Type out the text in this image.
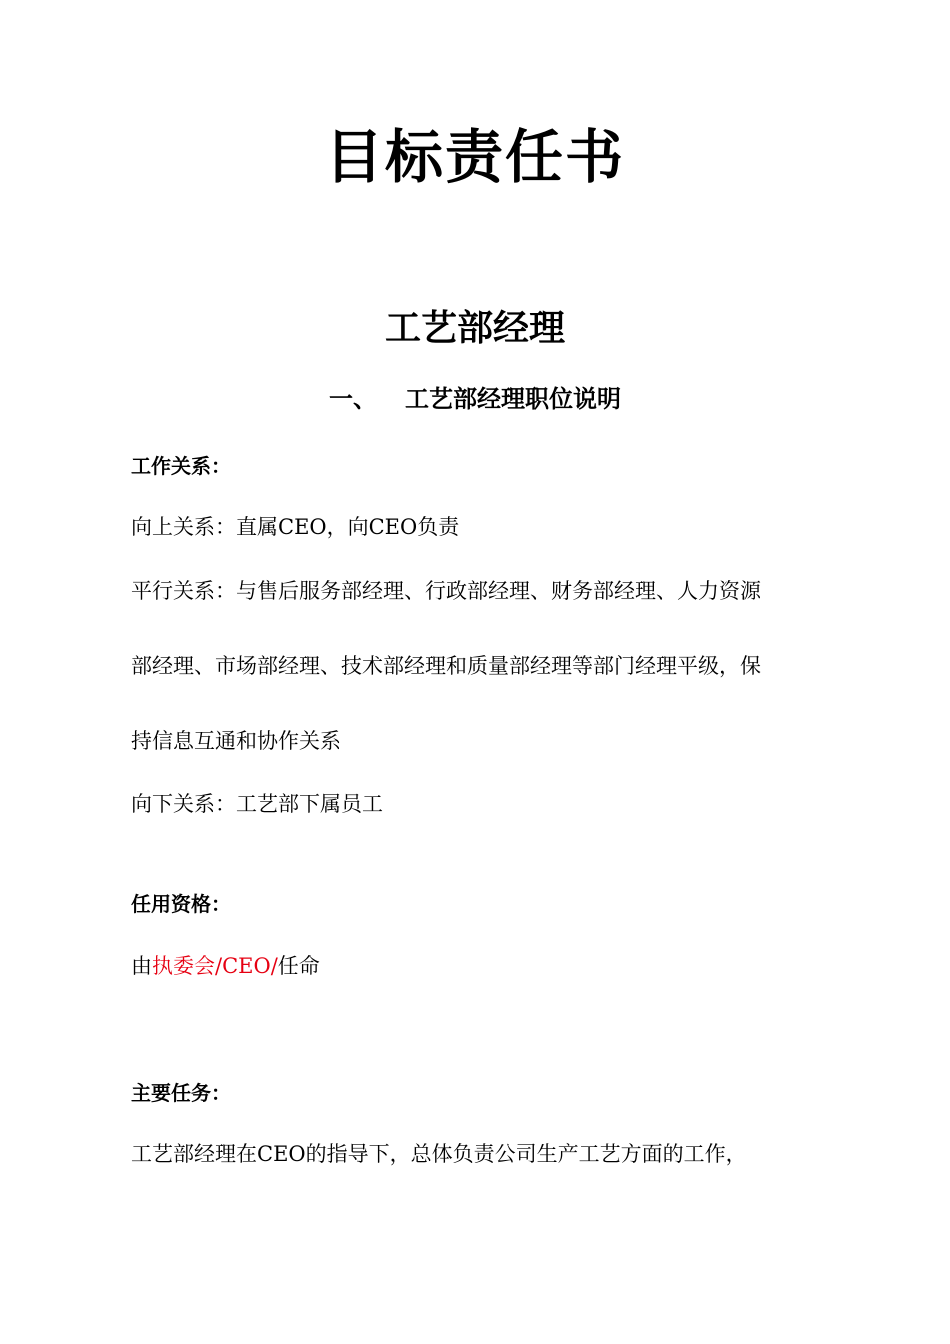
目标责任书
工艺部经理
一、 工艺部经理职位说明
工作关系：
向上关系：直属CEO，向CEO负责
平行关系：与售后服务部经理、行政部经理、财务部经理、人力资源
部经理、市场部经理、技术部经理和质量部经理等部门经理平级，保
持信息互通和协作关系
向下关系：工艺部下属员工
任用资格：
由执委会/CEO/任命
主要任务：
工艺部经理在CEO的指导下，总体负责公司生产工艺方面的工作，
